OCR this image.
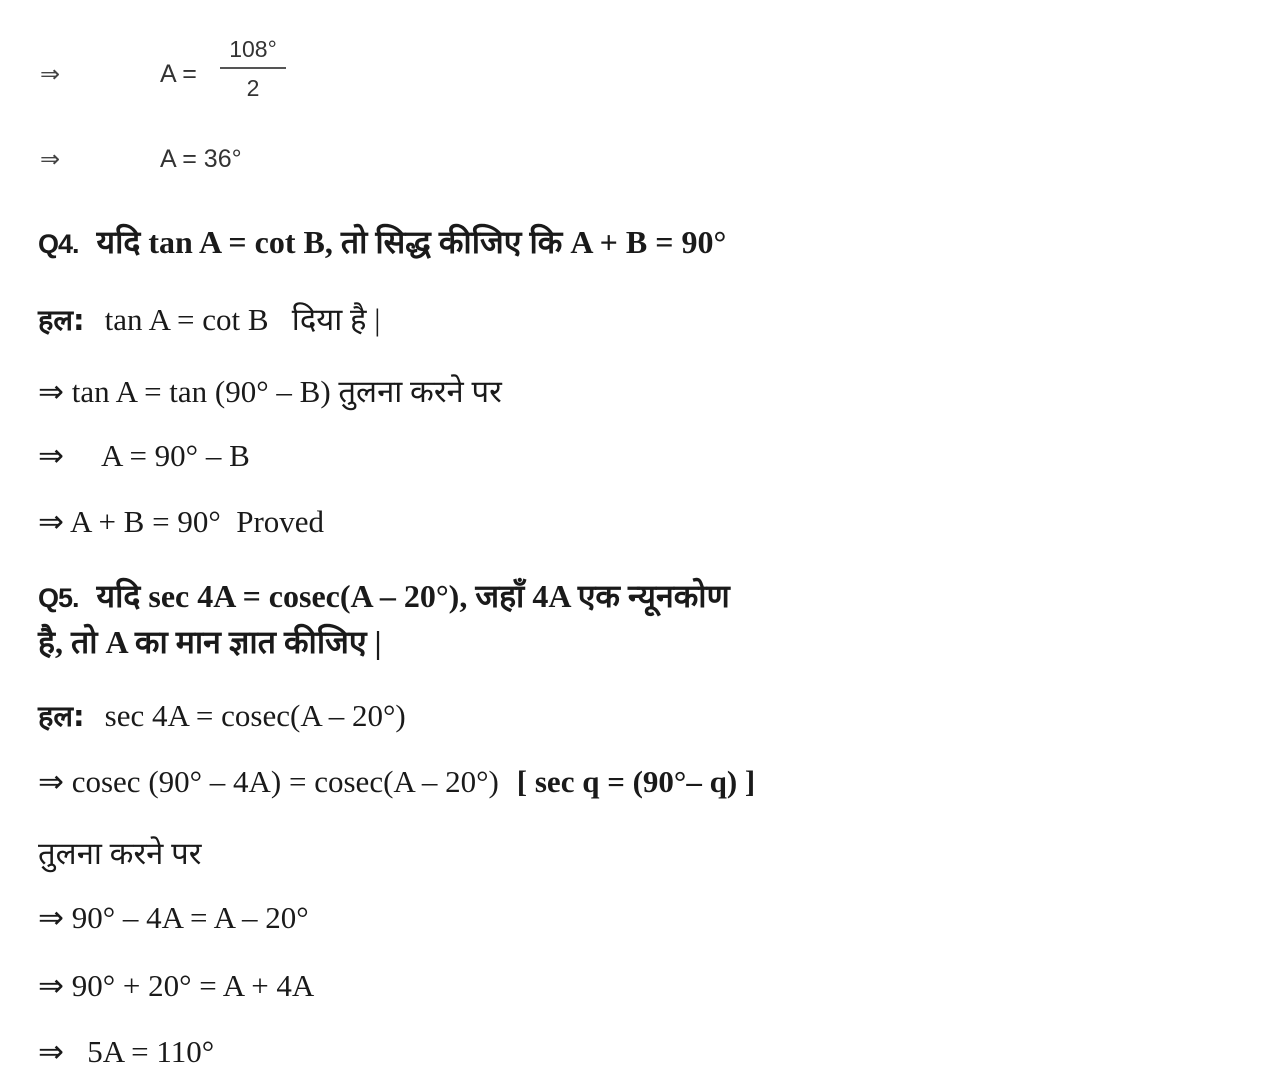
⇒	A =
108°
2
⇒	A = 36°
Q4. यदि tan A = cot B, तो सिद्ध कीजिए कि A + B = 90°
हल: tan A = cot B   दिया है |
⇒ tan A = tan (90° – B) तुलना करने पर
⇒     A = 90° – B
⇒ A + B = 90°  Proved
Q5. यदि sec 4A = cosec(A – 20°), जहाँ 4A एक न्यूनकोण
है, तो A का मान ज्ञात कीजिए |
हल: sec 4A = cosec(A – 20°)
⇒ cosec (90° – 4A) = cosec(A – 20°) [ sec q = (90°– q) ]
तुलना करने पर
⇒ 90° – 4A = A – 20°
⇒ 90° + 20° = A + 4A
⇒   5A = 110°
